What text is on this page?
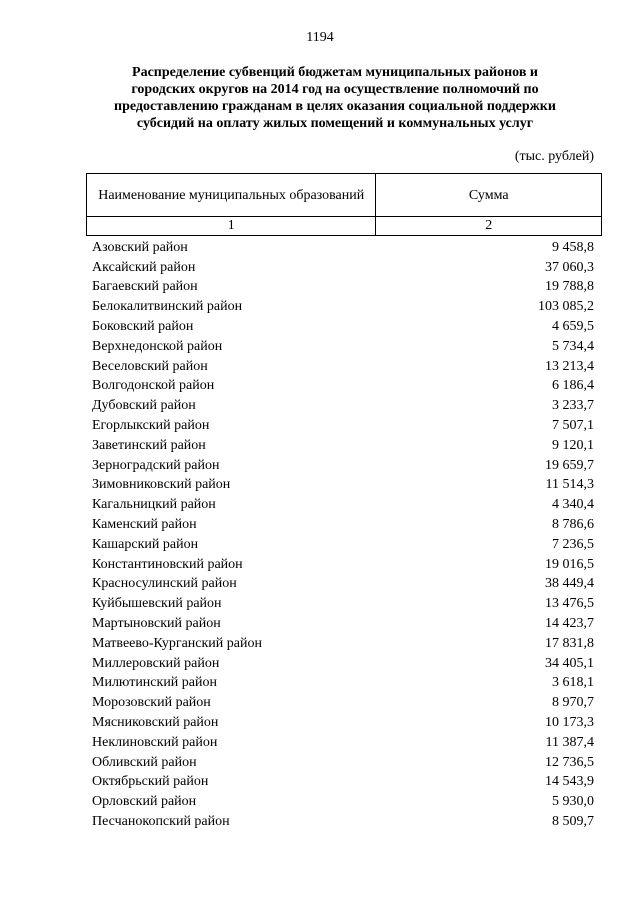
1194
Распределение субвенций бюджетам муниципальных районов и
городских округов на 2014 год на осуществление полномочий по
предоставлению гражданам в целях оказания социальной поддержки
субсидий на оплату жилых помещений и коммунальных услуг
(тыс. рублей)
Наименование муниципальных образований	Сумма
1	2
Азовский район	9 458,8
Аксайский район	37 060,3
Багаевский район	19 788,8
Белокалитвинский район	103 085,2
Боковский район	4 659,5
Верхнедонской район	5 734,4
Веселовский район	13 213,4
Волгодонской район	6 186,4
Дубовский район	3 233,7
Егорлыкский район	7 507,1
Заветинский район	9 120,1
Зерноградский район	19 659,7
Зимовниковский район	11 514,3
Кагальницкий район	4 340,4
Каменский район	8 786,6
Кашарский район	7 236,5
Константиновский район	19 016,5
Красносулинский район	38 449,4
Куйбышевский район	13 476,5
Мартыновский район	14 423,7
Матвеево-Курганский район	17 831,8
Миллеровский район	34 405,1
Милютинский район	3 618,1
Морозовский район	8 970,7
Мясниковский район	10 173,3
Неклиновский район	11 387,4
Обливский район	12 736,5
Октябрьский район	14 543,9
Орловский район	5 930,0
Песчанокопский район	8 509,7
